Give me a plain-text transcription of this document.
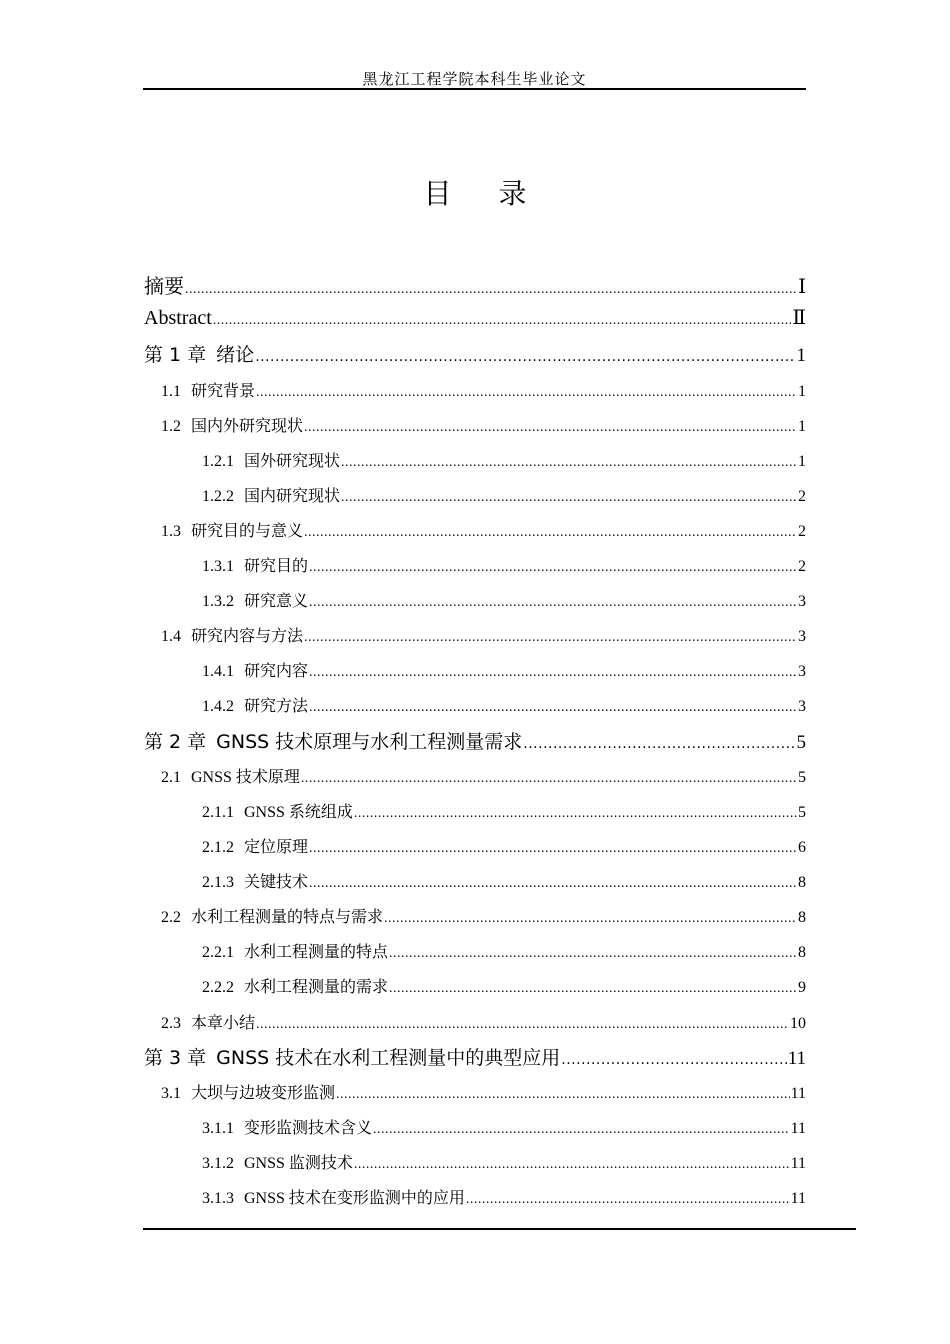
黑龙江工程学院本科生毕业论文
目 录
摘要 .....	Ⅰ
Abstract .....	Ⅱ
第 1 章 绪论 .....	1
1.1 研究背景 .....	1
1.2 国内外研究现状 .....	1
1.2.1 国外研究现状 .....	1
1.2.2 国内研究现状 .....	2
1.3 研究目的与意义 .....	2
1.3.1 研究目的 .....	2
1.3.2 研究意义 .....	3
1.4 研究内容与方法 .....	3
1.4.1 研究内容 .....	3
1.4.2 研究方法 .....	3
第 2 章 GNSS 技术原理与水利工程测量需求 .....	5
2.1 GNSS 技术原理 .....	5
2.1.1 GNSS 系统组成 .....	5
2.1.2 定位原理 .....	6
2.1.3 关键技术 .....	8
2.2 水利工程测量的特点与需求 .....	8
2.2.1 水利工程测量的特点 .....	8
2.2.2 水利工程测量的需求 .....	9
2.3 本章小结 .....	10
第 3 章 GNSS 技术在水利工程测量中的典型应用 .....	11
3.1 大坝与边坡变形监测 .....	11
3.1.1 变形监测技术含义 .....	11
3.1.2 GNSS 监测技术 .....	11
3.1.3 GNSS 技术在变形监测中的应用 .....	11
